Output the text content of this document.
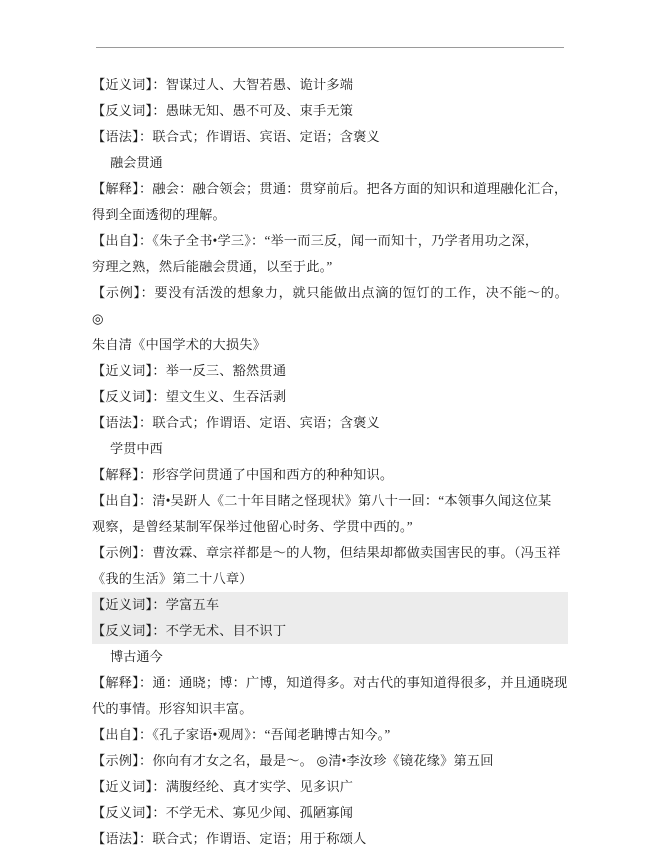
【近义词】：智谋过人、大智若愚、诡计多端
【反义词】：愚昧无知、愚不可及、束手无策
【语法】：联合式；作谓语、宾语、定语；含褒义
融会贯通
【解释】：融会：融合领会；贯通：贯穿前后。把各方面的知识和道理融化汇合，
得到全面透彻的理解。
【出自】：《朱子全书•学三》：“举一而三反，闻一而知十，乃学者用功之深，
穷理之熟，然后能融会贯通，以至于此。”
【示例】：要没有活泼的想象力，就只能做出点滴的饾饤的工作，决不能～的。 ◎
朱自清《中国学术的大损失》
【近义词】：举一反三、豁然贯通
【反义词】：望文生义、生吞活剥
【语法】：联合式；作谓语、定语、宾语；含褒义
学贯中西
【解释】：形容学问贯通了中国和西方的种种知识。
【出自】：清•吴趼人《二十年目睹之怪现状》第八十一回：“本领事久闻这位某
观察，是曾经某制军保举过他留心时务、学贯中西的。”
【示例】：曹汝霖、章宗祥都是～的人物，但结果却都做卖国害民的事。（冯玉祥
《我的生活》第二十八章）
【近义词】：学富五车
【反义词】：不学无术、目不识丁
博古通今
【解释】：通：通晓；博：广博，知道得多。对古代的事知道得很多，并且通晓现
代的事情。形容知识丰富。
【出自】：《孔子家语•观周》：“吾闻老聃博古知今。”
【示例】：你向有才女之名，最是～。 ◎清•李汝珍《镜花缘》第五回
【近义词】：满腹经纶、真才实学、见多识广
【反义词】：不学无术、寡见少闻、孤陋寡闻
【语法】：联合式；作谓语、定语；用于称颂人
